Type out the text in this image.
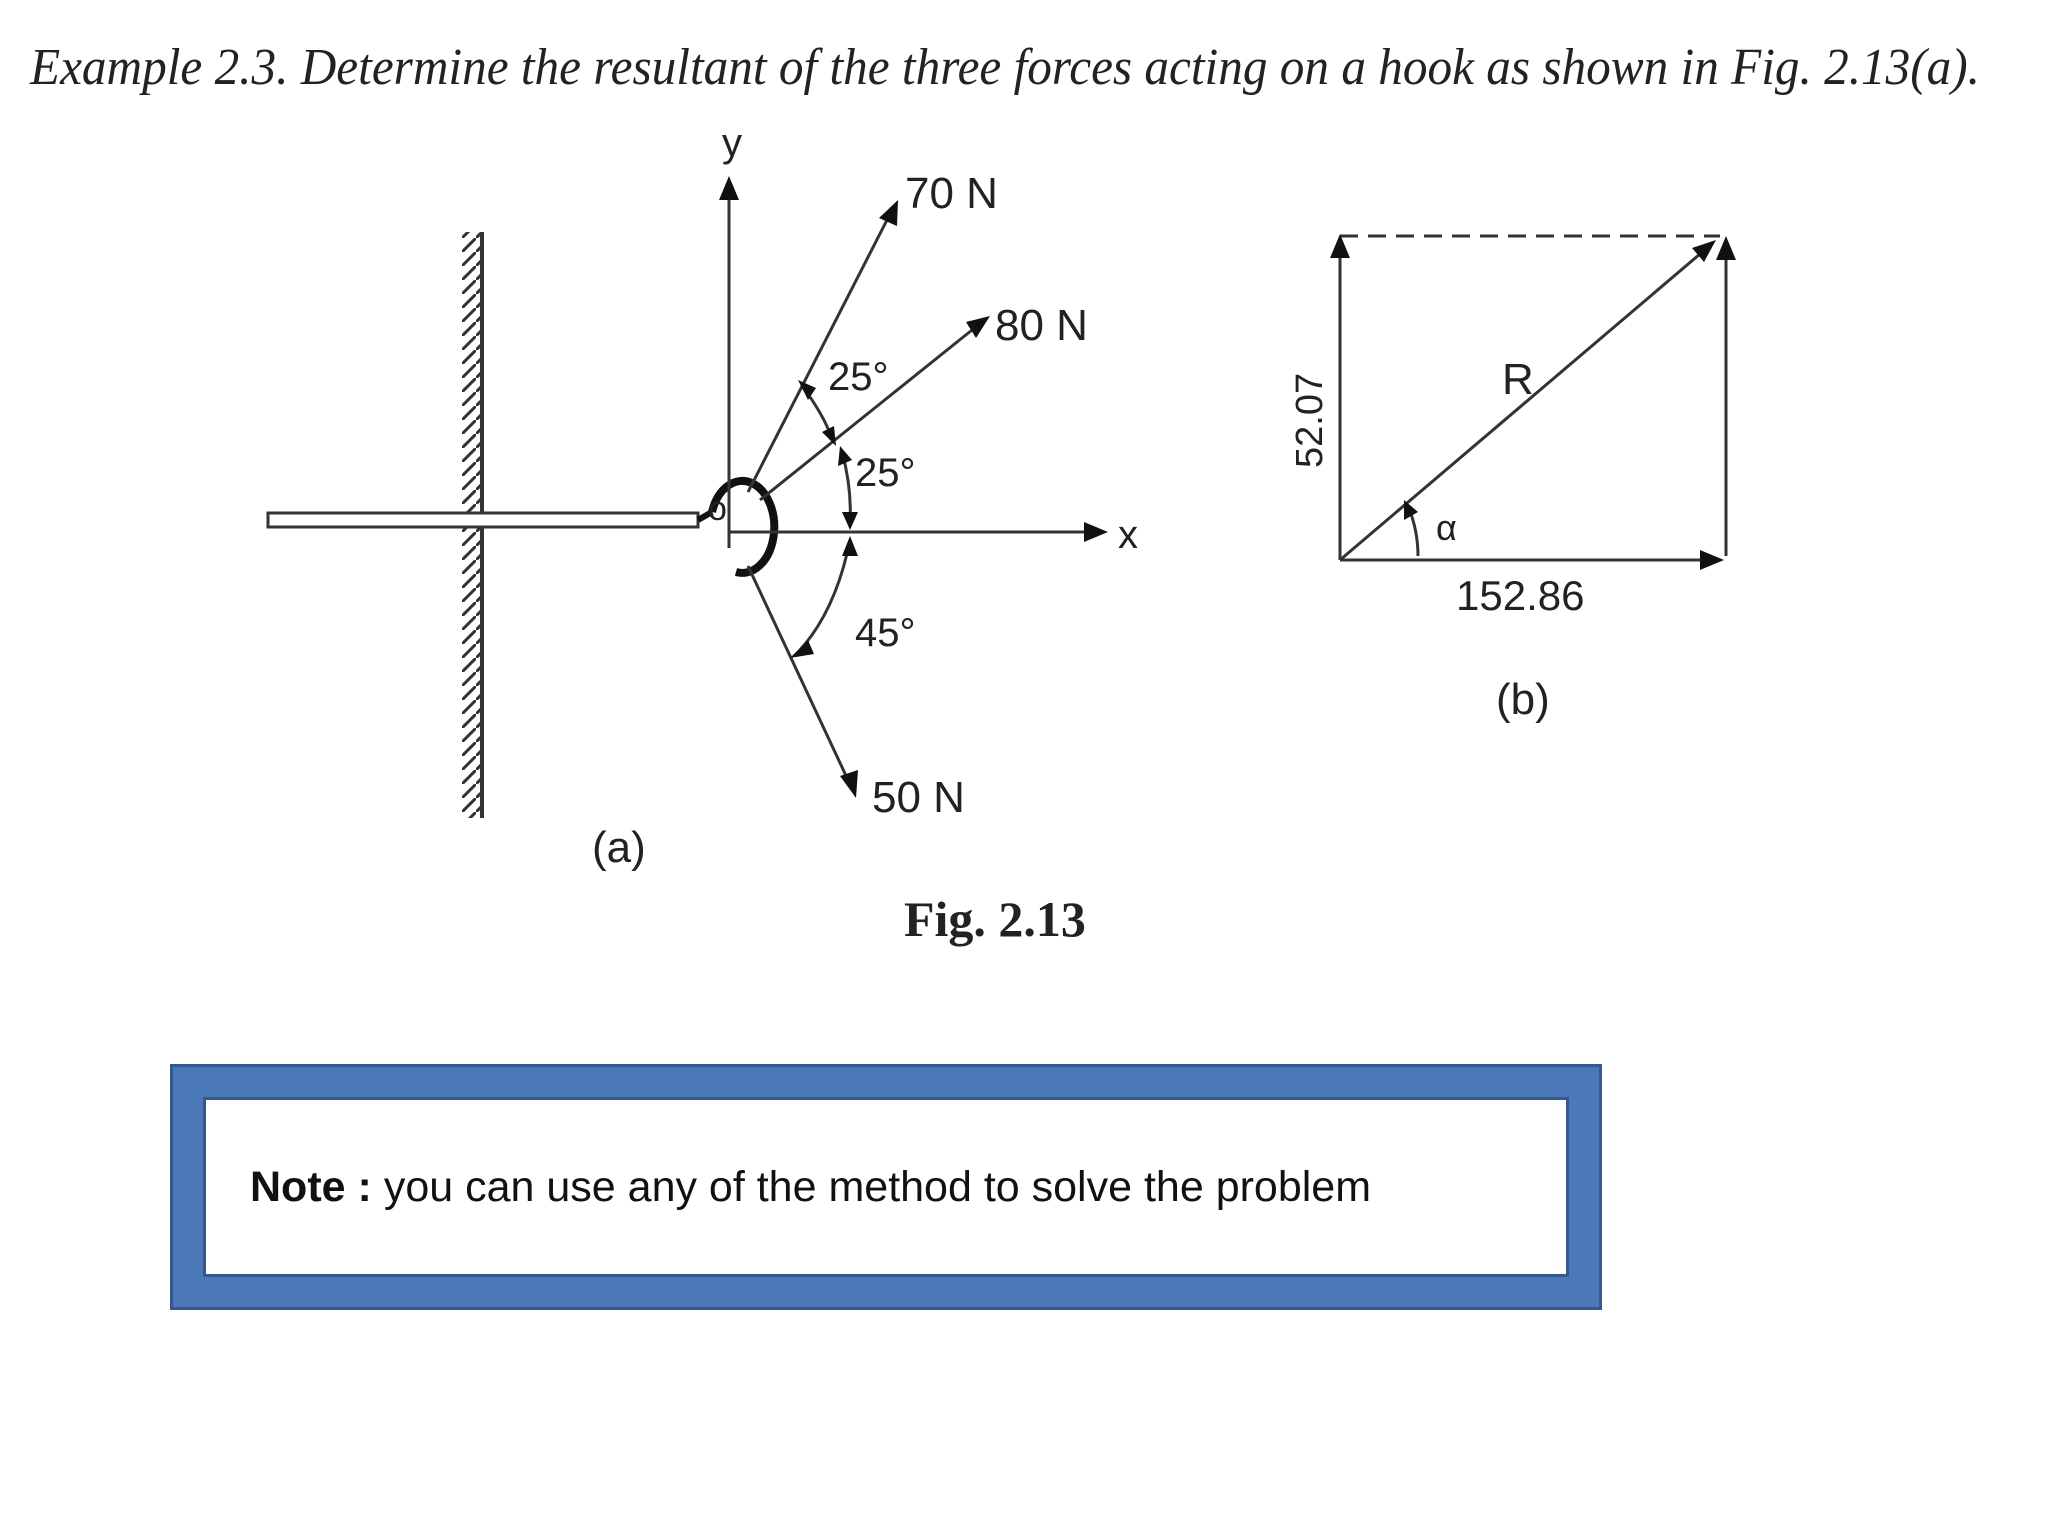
Example 2.3. Determine the resultant of the three forces acting on a hook as shown in Fig. 2.13(a).
y
x
o
70 N
80 N
50 N
25°
25°
45°
(a)
R
α
52.07
152.86
(b)
Fig. 2.13
Note : you can use any of the method to solve the problem
